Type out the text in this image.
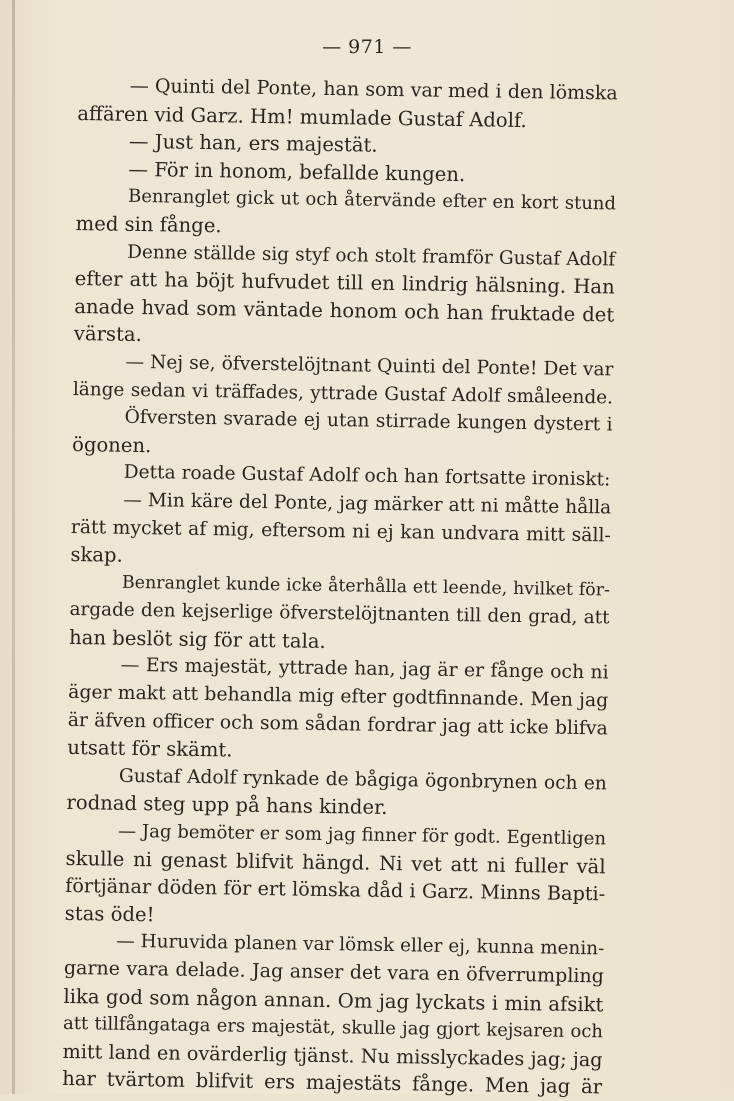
— 971 —
— Quinti del Ponte, han som var med i den lömska
affären vid Garz. Hm! mumlade Gustaf Adolf.
— Just han, ers majestät.
— För in honom, befallde kungen.
Benranglet gick ut och återvände efter en kort stund
med sin fånge.
Denne ställde sig styf och stolt framför Gustaf Adolf
efter att ha böjt hufvudet till en lindrig hälsning. Han
anade hvad som väntade honom och han fruktade det
värsta.
— Nej se, öfverstelöjtnant Quinti del Ponte! Det var
länge sedan vi träffades, yttrade Gustaf Adolf småleende.
Öfversten svarade ej utan stirrade kungen dystert i
ögonen.
Detta roade Gustaf Adolf och han fortsatte ironiskt:
— Min käre del Ponte, jag märker att ni måtte hålla
rätt mycket af mig, eftersom ni ej kan undvara mitt säll-
skap.
Benranglet kunde icke återhålla ett leende, hvilket för-
argade den kejserlige öfverstelöjtnanten till den grad, att
han beslöt sig för att tala.
— Ers majestät, yttrade han, jag är er fånge och ni
äger makt att behandla mig efter godtfinnande. Men jag
är äfven officer och som sådan fordrar jag att icke blifva
utsatt för skämt.
Gustaf Adolf rynkade de bågiga ögonbrynen och en
rodnad steg upp på hans kinder.
— Jag bemöter er som jag finner för godt. Egentligen
skulle ni genast blifvit hängd. Ni vet att ni fuller väl
förtjänar döden för ert lömska dåd i Garz. Minns Bapti-
stas öde!
— Huruvida planen var lömsk eller ej, kunna menin-
garne vara delade. Jag anser det vara en öfverrumpling
lika god som någon annan. Om jag lyckats i min afsikt
att tillfångataga ers majestät, skulle jag gjort kejsaren och
mitt land en ovärderlig tjänst. Nu misslyckades jag; jag
har tvärtom blifvit ers majestäts fånge. Men jag är
